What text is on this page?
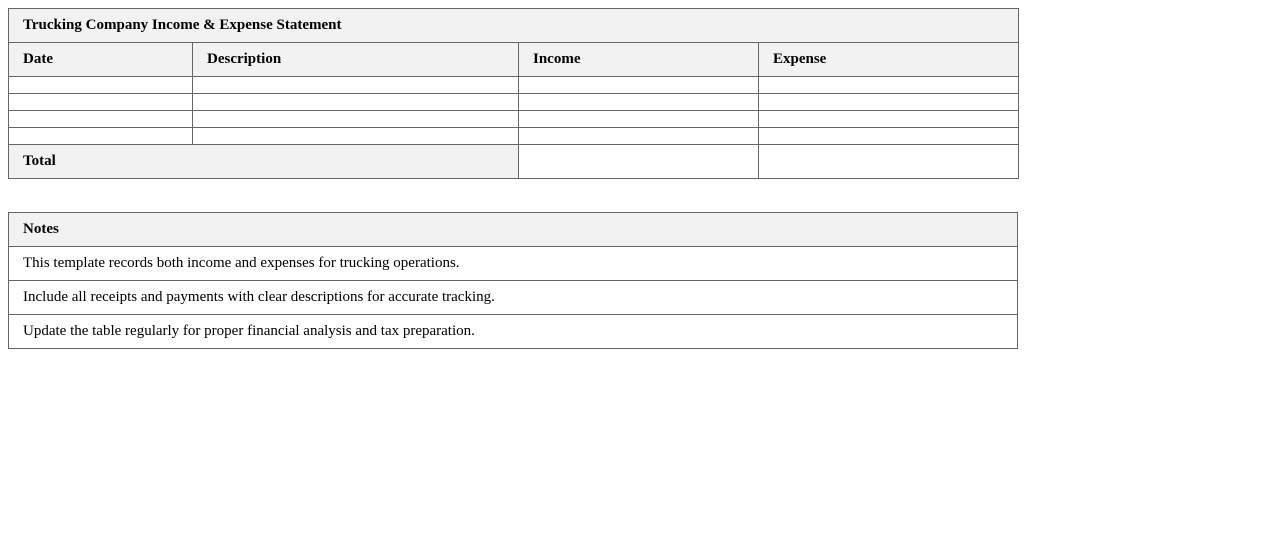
Trucking Company Income & Expense Statement			
Date	Description	Income	Expense

Total			
Notes
This template records both income and expenses for trucking operations.
Include all receipts and payments with clear descriptions for accurate tracking.
Update the table regularly for proper financial analysis and tax preparation.
